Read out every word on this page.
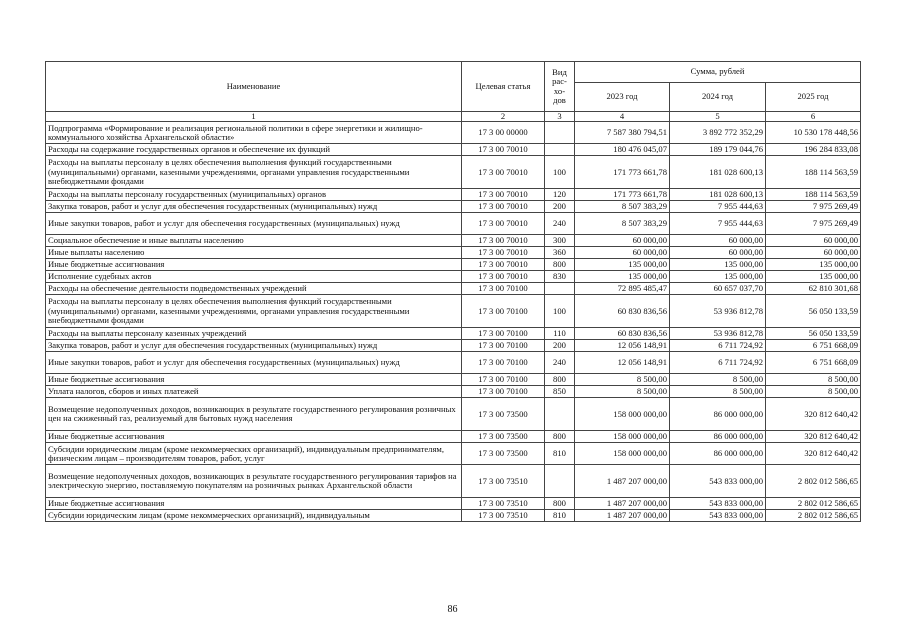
Наименование	Целевая статья	Вид
рас-
хо-
дов	Сумма, рублей		
			2023 год	2024 год	2025 год
1	2	3	4	5	6
Подпрограмма «Формирование и реализация региональной политики в сфере энергетики и жилищно-коммунального хозяйства Архангельской области»	17 3 00 00000		7 587 380 794,51	3 892 772 352,29	10 530 178 448,56
Расходы на содержание государственных органов и обеспечение их функций	17 3 00 70010		180 476 045,07	189 179 044,76	196 284 833,08
Расходы на выплаты персоналу в целях обеспечения выполнения функций государственными (муниципальными) органами, казенными учреждениями, органами управления государственными внебюджетными фондами	17 3 00 70010	100	171 773 661,78	181 028 600,13	188 114 563,59
Расходы на выплаты персоналу государственных (муниципальных) органов	17 3 00 70010	120	171 773 661,78	181 028 600,13	188 114 563,59
Закупка товаров, работ и услуг для обеспечения государственных (муниципальных) нужд	17 3 00 70010	200	8 507 383,29	7 955 444,63	7 975 269,49
Иные закупки товаров, работ и услуг для обеспечения государственных (муниципальных) нужд	17 3 00 70010	240	8 507 383,29	7 955 444,63	7 975 269,49
Социальное обеспечение и иные выплаты населению	17 3 00 70010	300	60 000,00	60 000,00	60 000,00
Иные выплаты населению	17 3 00 70010	360	60 000,00	60 000,00	60 000,00
Иные бюджетные ассигнования	17 3 00 70010	800	135 000,00	135 000,00	135 000,00
Исполнение судебных актов	17 3 00 70010	830	135 000,00	135 000,00	135 000,00
Расходы на обеспечение деятельности подведомственных учреждений	17 3 00 70100		72 895 485,47	60 657 037,70	62 810 301,68
Расходы на выплаты персоналу в целях обеспечения выполнения функций государственными (муниципальными) органами, казенными учреждениями, органами управления государственными внебюджетными фондами	17 3 00 70100	100	60 830 836,56	53 936 812,78	56 050 133,59
Расходы на выплаты персоналу казенных учреждений	17 3 00 70100	110	60 830 836,56	53 936 812,78	56 050 133,59
Закупка товаров, работ и услуг для обеспечения государственных (муниципальных) нужд	17 3 00 70100	200	12 056 148,91	6 711 724,92	6 751 668,09
Иные закупки товаров, работ и услуг для обеспечения государственных (муниципальных) нужд	17 3 00 70100	240	12 056 148,91	6 711 724,92	6 751 668,09
Иные бюджетные ассигнования	17 3 00 70100	800	8 500,00	8 500,00	8 500,00
Уплата налогов, сборов и иных платежей	17 3 00 70100	850	8 500,00	8 500,00	8 500,00
Возмещение недополученных доходов, возникающих в результате государственного регулирования розничных цен на сжиженный газ, реализуемый для бытовых нужд населения	17 3 00 73500		158 000 000,00	86 000 000,00	320 812 640,42
Иные бюджетные ассигнования	17 3 00 73500	800	158 000 000,00	86 000 000,00	320 812 640,42
Субсидии юридическим лицам (кроме некоммерческих организаций), индивидуальным предпринимателям, физическим лицам – производителям товаров, работ, услуг	17 3 00 73500	810	158 000 000,00	86 000 000,00	320 812 640,42
Возмещение недополученных доходов, возникающих в результате государственного регулирования тарифов на электрическую энергию, поставляемую покупателям на розничных рынках Архангельской области	17 3 00 73510		1 487 207 000,00	543 833 000,00	2 802 012 586,65
Иные бюджетные ассигнования	17 3 00 73510	800	1 487 207 000,00	543 833 000,00	2 802 012 586,65
Субсидии юридическим лицам (кроме некоммерческих организаций), индивидуальным	17 3 00 73510	810	1 487 207 000,00	543 833 000,00	2 802 012 586,65
86
